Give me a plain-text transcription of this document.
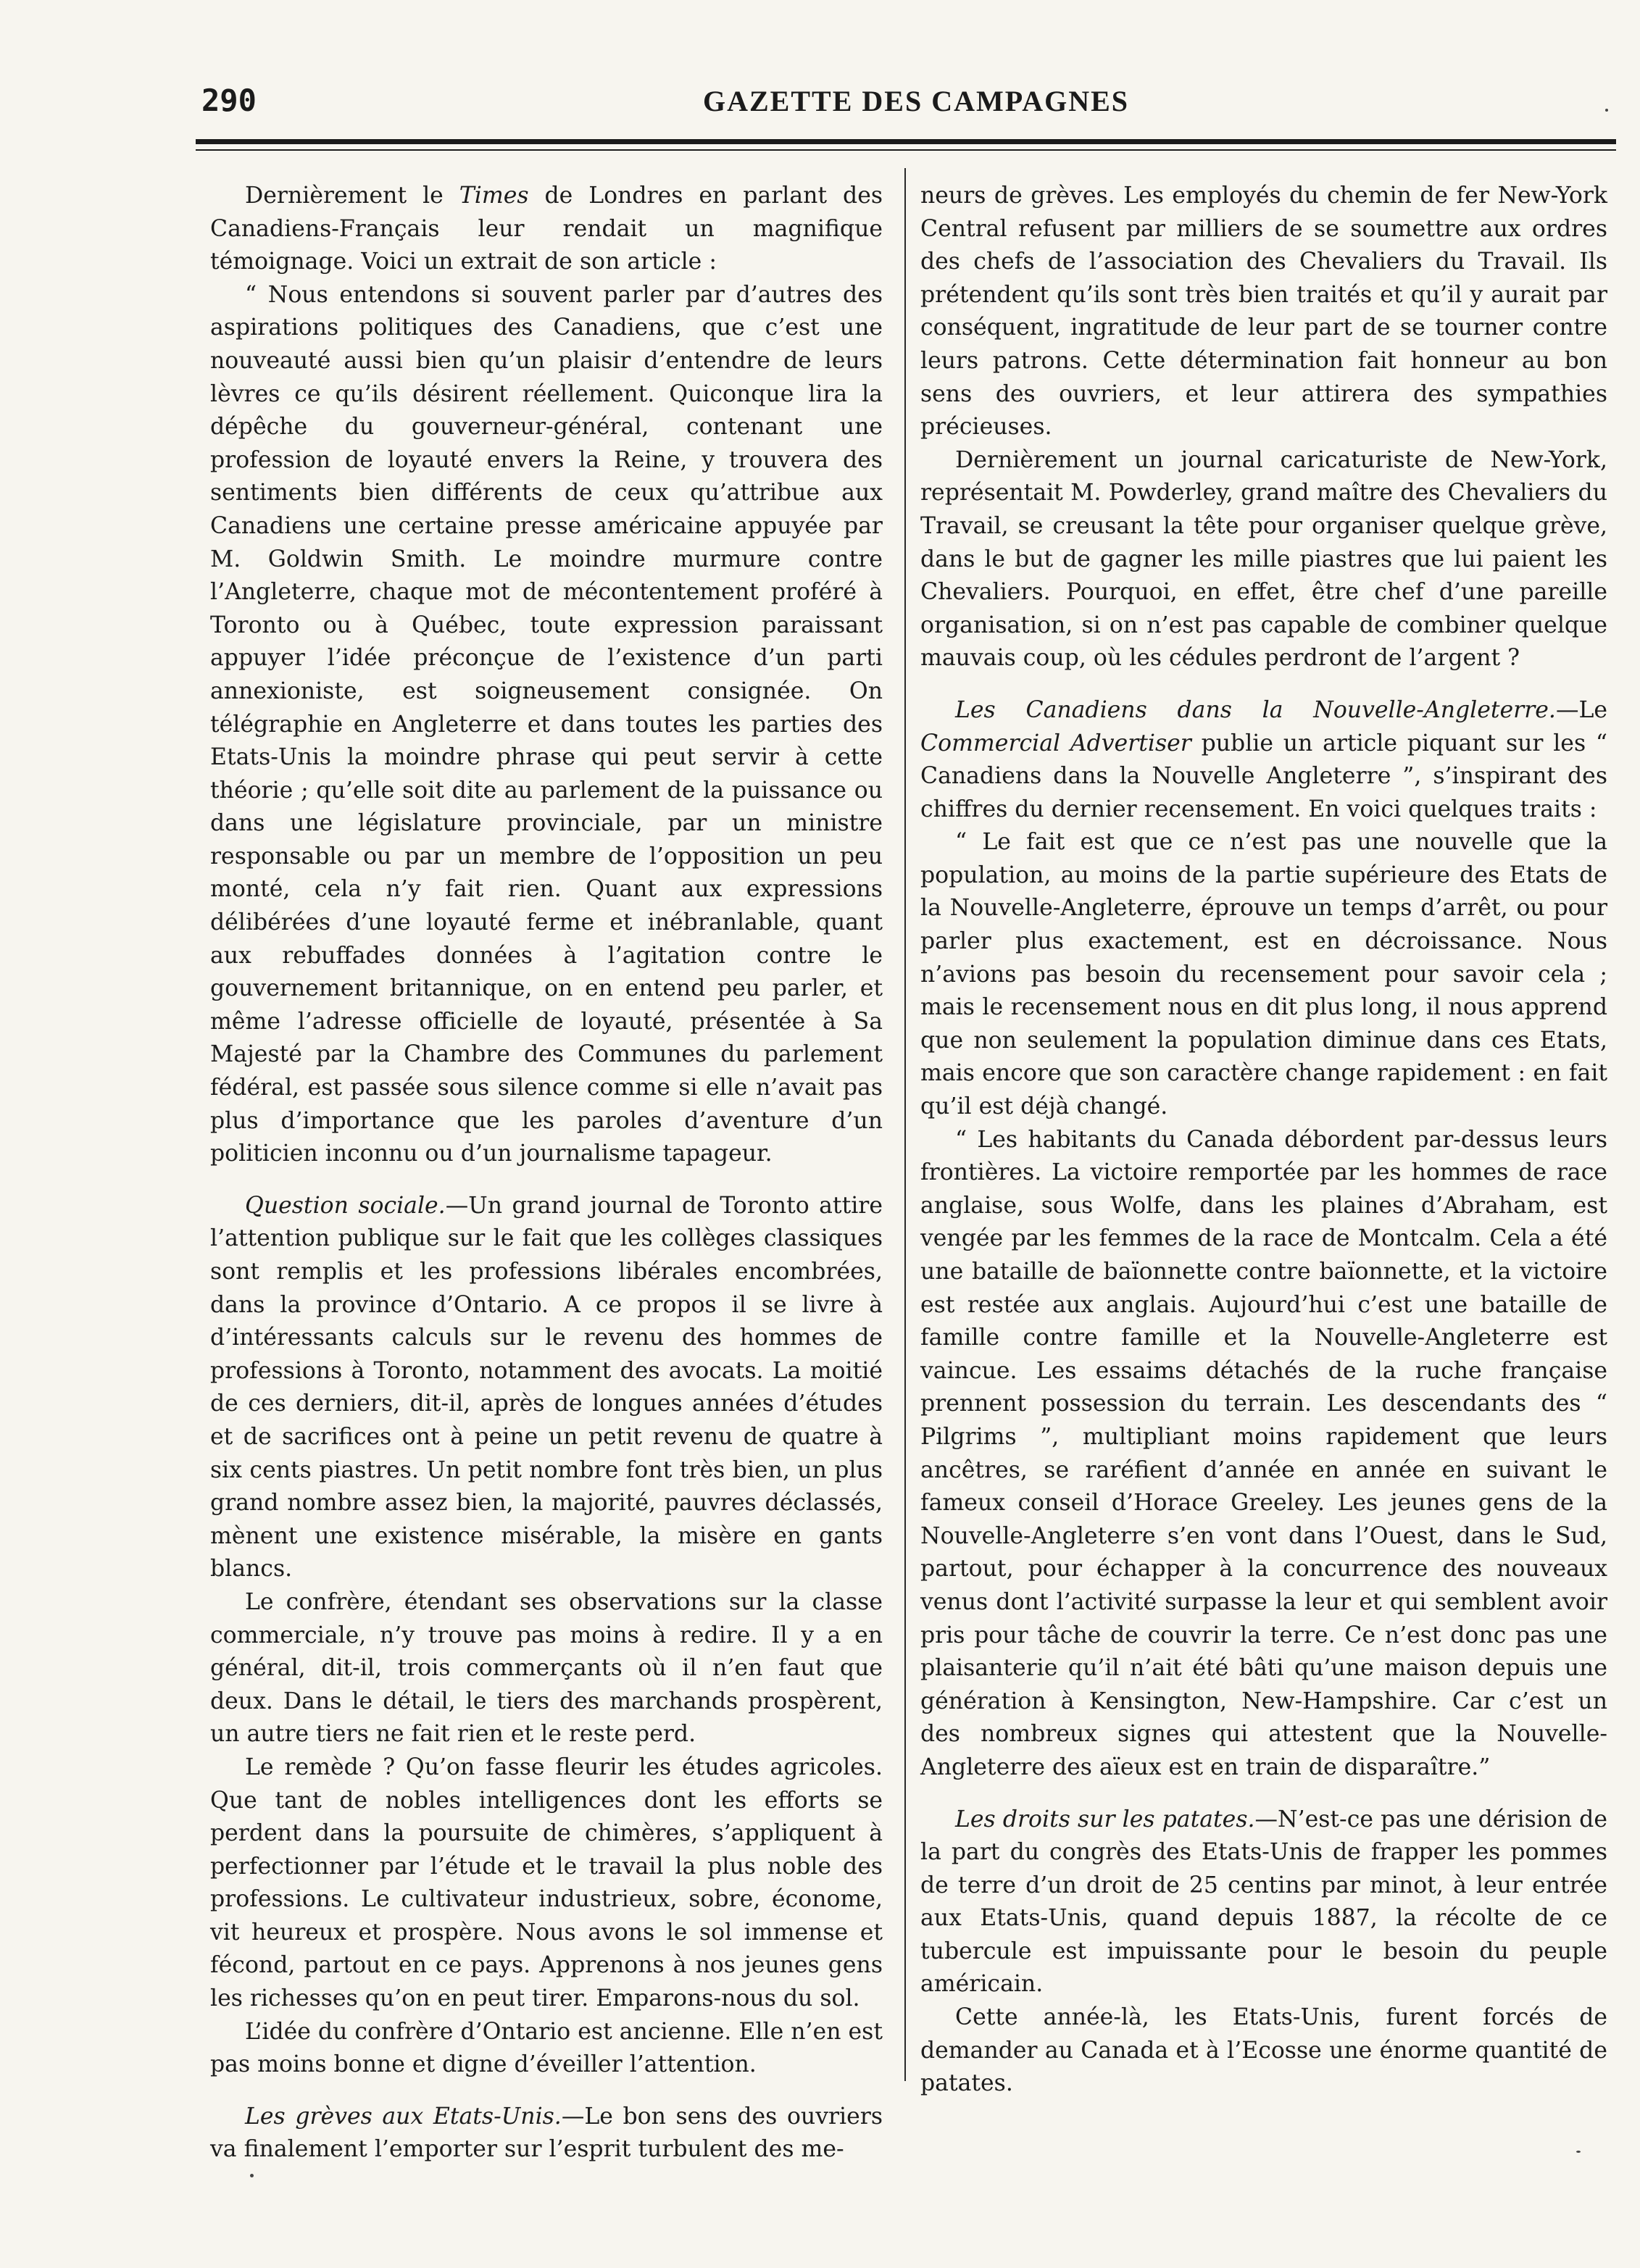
290	GAZETTE DES CAMPAGNES

Dernièrement le Times de Londres en parlant des Canadiens-Français leur rendait un magnifique témoignage. Voici un extrait de son article :

“ Nous entendons si souvent parler par d’autres des aspirations politiques des Canadiens, que c’est une nouveauté aussi bien qu’un plaisir d’entendre de leurs lèvres ce qu’ils désirent réellement. Quiconque lira la dépêche du gouverneur-général, contenant une profession de loyauté envers la Reine, y trouvera des sentiments bien différents de ceux qu’attribue aux Canadiens une certaine presse américaine appuyée par M. Goldwin Smith. Le moindre murmure contre l’Angleterre, chaque mot de mécontentement proféré à Toronto ou à Québec, toute expression paraissant appuyer l’idée préconçue de l’existence d’un parti annexioniste, est soigneusement consignée. On télégraphie en Angleterre et dans toutes les parties des Etats-Unis la moindre phrase qui peut servir à cette théorie ; qu’elle soit dite au parlement de la puissance ou dans une législature provinciale, par un ministre responsable ou par un membre de l’opposition un peu monté, cela n’y fait rien. Quant aux expressions délibérées d’une loyauté ferme et inébranlable, quant aux rebuffades données à l’agitation contre le gouvernement britannique, on en entend peu parler, et même l’adresse officielle de loyauté, présentée à Sa Majesté par la Chambre des Communes du parlement fédéral, est passée sous silence comme si elle n’avait pas plus d’importance que les paroles d’aventure d’un politicien inconnu ou d’un journalisme tapageur.

Question sociale.—Un grand journal de Toronto attire l’attention publique sur le fait que les collèges classiques sont remplis et les professions libérales encombrées, dans la province d’Ontario. A ce propos il se livre à d’intéressants calculs sur le revenu des hommes de professions à Toronto, notamment des avocats. La moitié de ces derniers, dit-il, après de longues années d’études et de sacrifices ont à peine un petit revenu de quatre à six cents piastres. Un petit nombre font très bien, un plus grand nombre assez bien, la majorité, pauvres déclassés, mènent une existence misérable, la misère en gants blancs.

Le confrère, étendant ses observations sur la classe commerciale, n’y trouve pas moins à redire. Il y a en général, dit-il, trois commerçants où il n’en faut que deux. Dans le détail, le tiers des marchands prospèrent, un autre tiers ne fait rien et le reste perd.

Le remède ? Qu’on fasse fleurir les études agricoles. Que tant de nobles intelligences dont les efforts se perdent dans la poursuite de chimères, s’appliquent à perfectionner par l’étude et le travail la plus noble des professions. Le cultivateur industrieux, sobre, économe, vit heureux et prospère. Nous avons le sol immense et fécond, partout en ce pays. Apprenons à nos jeunes gens les richesses qu’on en peut tirer. Emparons-nous du sol.

L’idée du confrère d’Ontario est ancienne. Elle n’en est pas moins bonne et digne d’éveiller l’attention.

Les grèves aux Etats-Unis.—Le bon sens des ouvriers va finalement l’emporter sur l’esprit turbulent des me-

neurs de grèves. Les employés du chemin de fer New-York Central refusent par milliers de se soumettre aux ordres des chefs de l’association des Chevaliers du Travail. Ils prétendent qu’ils sont très bien traités et qu’il y aurait par conséquent, ingratitude de leur part de se tourner contre leurs patrons. Cette détermination fait honneur au bon sens des ouvriers, et leur attirera des sympathies précieuses.

Dernièrement un journal caricaturiste de New-York, représentait M. Powderley, grand maître des Chevaliers du Travail, se creusant la tête pour organiser quelque grève, dans le but de gagner les mille piastres que lui paient les Chevaliers. Pourquoi, en effet, être chef d’une pareille organisation, si on n’est pas capable de combiner quelque mauvais coup, où les cédules perdront de l’argent ?

Les Canadiens dans la Nouvelle-Angleterre.—Le Commercial Advertiser publie un article piquant sur les “ Canadiens dans la Nouvelle Angleterre ”, s’inspirant des chiffres du dernier recensement. En voici quelques traits :

“ Le fait est que ce n’est pas une nouvelle que la population, au moins de la partie supérieure des Etats de la Nouvelle-Angleterre, éprouve un temps d’arrêt, ou pour parler plus exactement, est en décroissance. Nous n’avions pas besoin du recensement pour savoir cela ; mais le recensement nous en dit plus long, il nous apprend que non seulement la population diminue dans ces Etats, mais encore que son caractère change rapidement : en fait qu’il est déjà changé.

“ Les habitants du Canada débordent par-dessus leurs frontières. La victoire remportée par les hommes de race anglaise, sous Wolfe, dans les plaines d’Abraham, est vengée par les femmes de la race de Montcalm. Cela a été une bataille de baïonnette contre baïonnette, et la victoire est restée aux anglais. Aujourd’hui c’est une bataille de famille contre famille et la Nouvelle-Angleterre est vaincue. Les essaims détachés de la ruche française prennent possession du terrain. Les descendants des “ Pilgrims ”, multipliant moins rapidement que leurs ancêtres, se raréfient d’année en année en suivant le fameux conseil d’Horace Greeley. Les jeunes gens de la Nouvelle-Angleterre s’en vont dans l’Ouest, dans le Sud, partout, pour échapper à la concurrence des nouveaux venus dont l’activité surpasse la leur et qui semblent avoir pris pour tâche de couvrir la terre. Ce n’est donc pas une plaisanterie qu’il n’ait été bâti qu’une maison depuis une génération à Kensington, New-Hampshire. Car c’est un des nombreux signes qui attestent que la Nouvelle-Angleterre des aïeux est en train de disparaître.”

Les droits sur les patates.—N’est-ce pas une dérision de la part du congrès des Etats-Unis de frapper les pommes de terre d’un droit de 25 centins par minot, à leur entrée aux Etats-Unis, quand depuis 1887, la récolte de ce tubercule est impuissante pour le besoin du peuple américain.

Cette année-là, les Etats-Unis, furent forcés de demander au Canada et à l’Ecosse une énorme quantité de patates.
